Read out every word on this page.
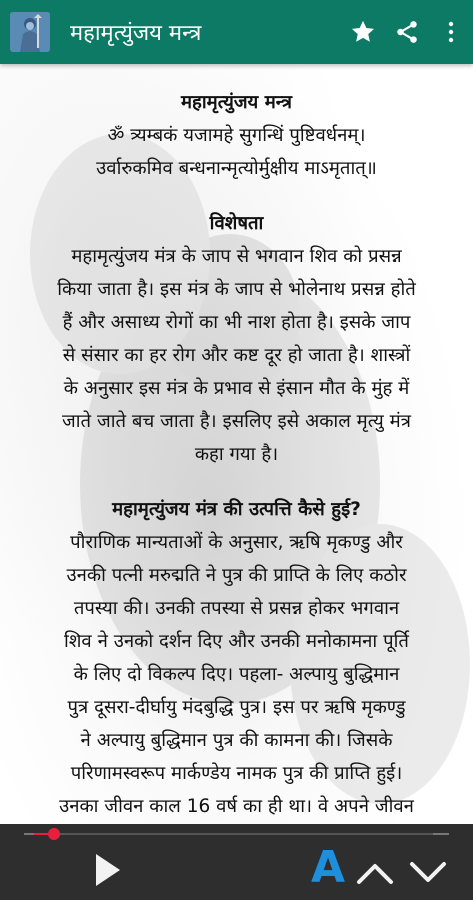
महामृत्युंजय मन्त्र
महामृत्युंजय मन्त्र
ॐ त्र्यम्बकं यजामहे सुगन्धिं पुष्टिवर्धनम्।
उर्वारुकमिव बन्धनान्मृत्योर्मुक्षीय माऽमृतात्॥
विशेषता
महामृत्युंजय मंत्र के जाप से भगवान शिव को प्रसन्न
किया जाता है। इस मंत्र के जाप से भोलेनाथ प्रसन्न होते
हैं और असाध्य रोगों का भी नाश होता है। इसके जाप
से संसार का हर रोग और कष्ट दूर हो जाता है। शास्त्रों
के अनुसार इस मंत्र के प्रभाव से इंसान मौत के मुंह में
जाते जाते बच जाता है। इसलिए इसे अकाल मृत्यु मंत्र
कहा गया है।
महामृत्युंजय मंत्र की उत्पत्ति कैसे हुई?
पौराणिक मान्यताओं के अनुसार, ऋषि मृकण्डु और
उनकी पत्नी मरुद्मति ने पुत्र की प्राप्ति के लिए कठोर
तपस्या की। उनकी तपस्या से प्रसन्न होकर भगवान
शिव ने उनको दर्शन दिए और उनकी मनोकामना पूर्ति
के लिए दो विकल्प दिए। पहला- अल्पायु बुद्धिमान
पुत्र दूसरा-दीर्घायु मंदबुद्धि पुत्र। इस पर ऋषि मृकण्डु
ने अल्पायु बुद्धिमान पुत्र की कामना की। जिसके
परिणामस्वरूप मार्कण्डेय नामक पुत्र की प्राप्ति हुई।
उनका जीवन काल 16 वर्ष का ही था। वे अपने जीवन
A
